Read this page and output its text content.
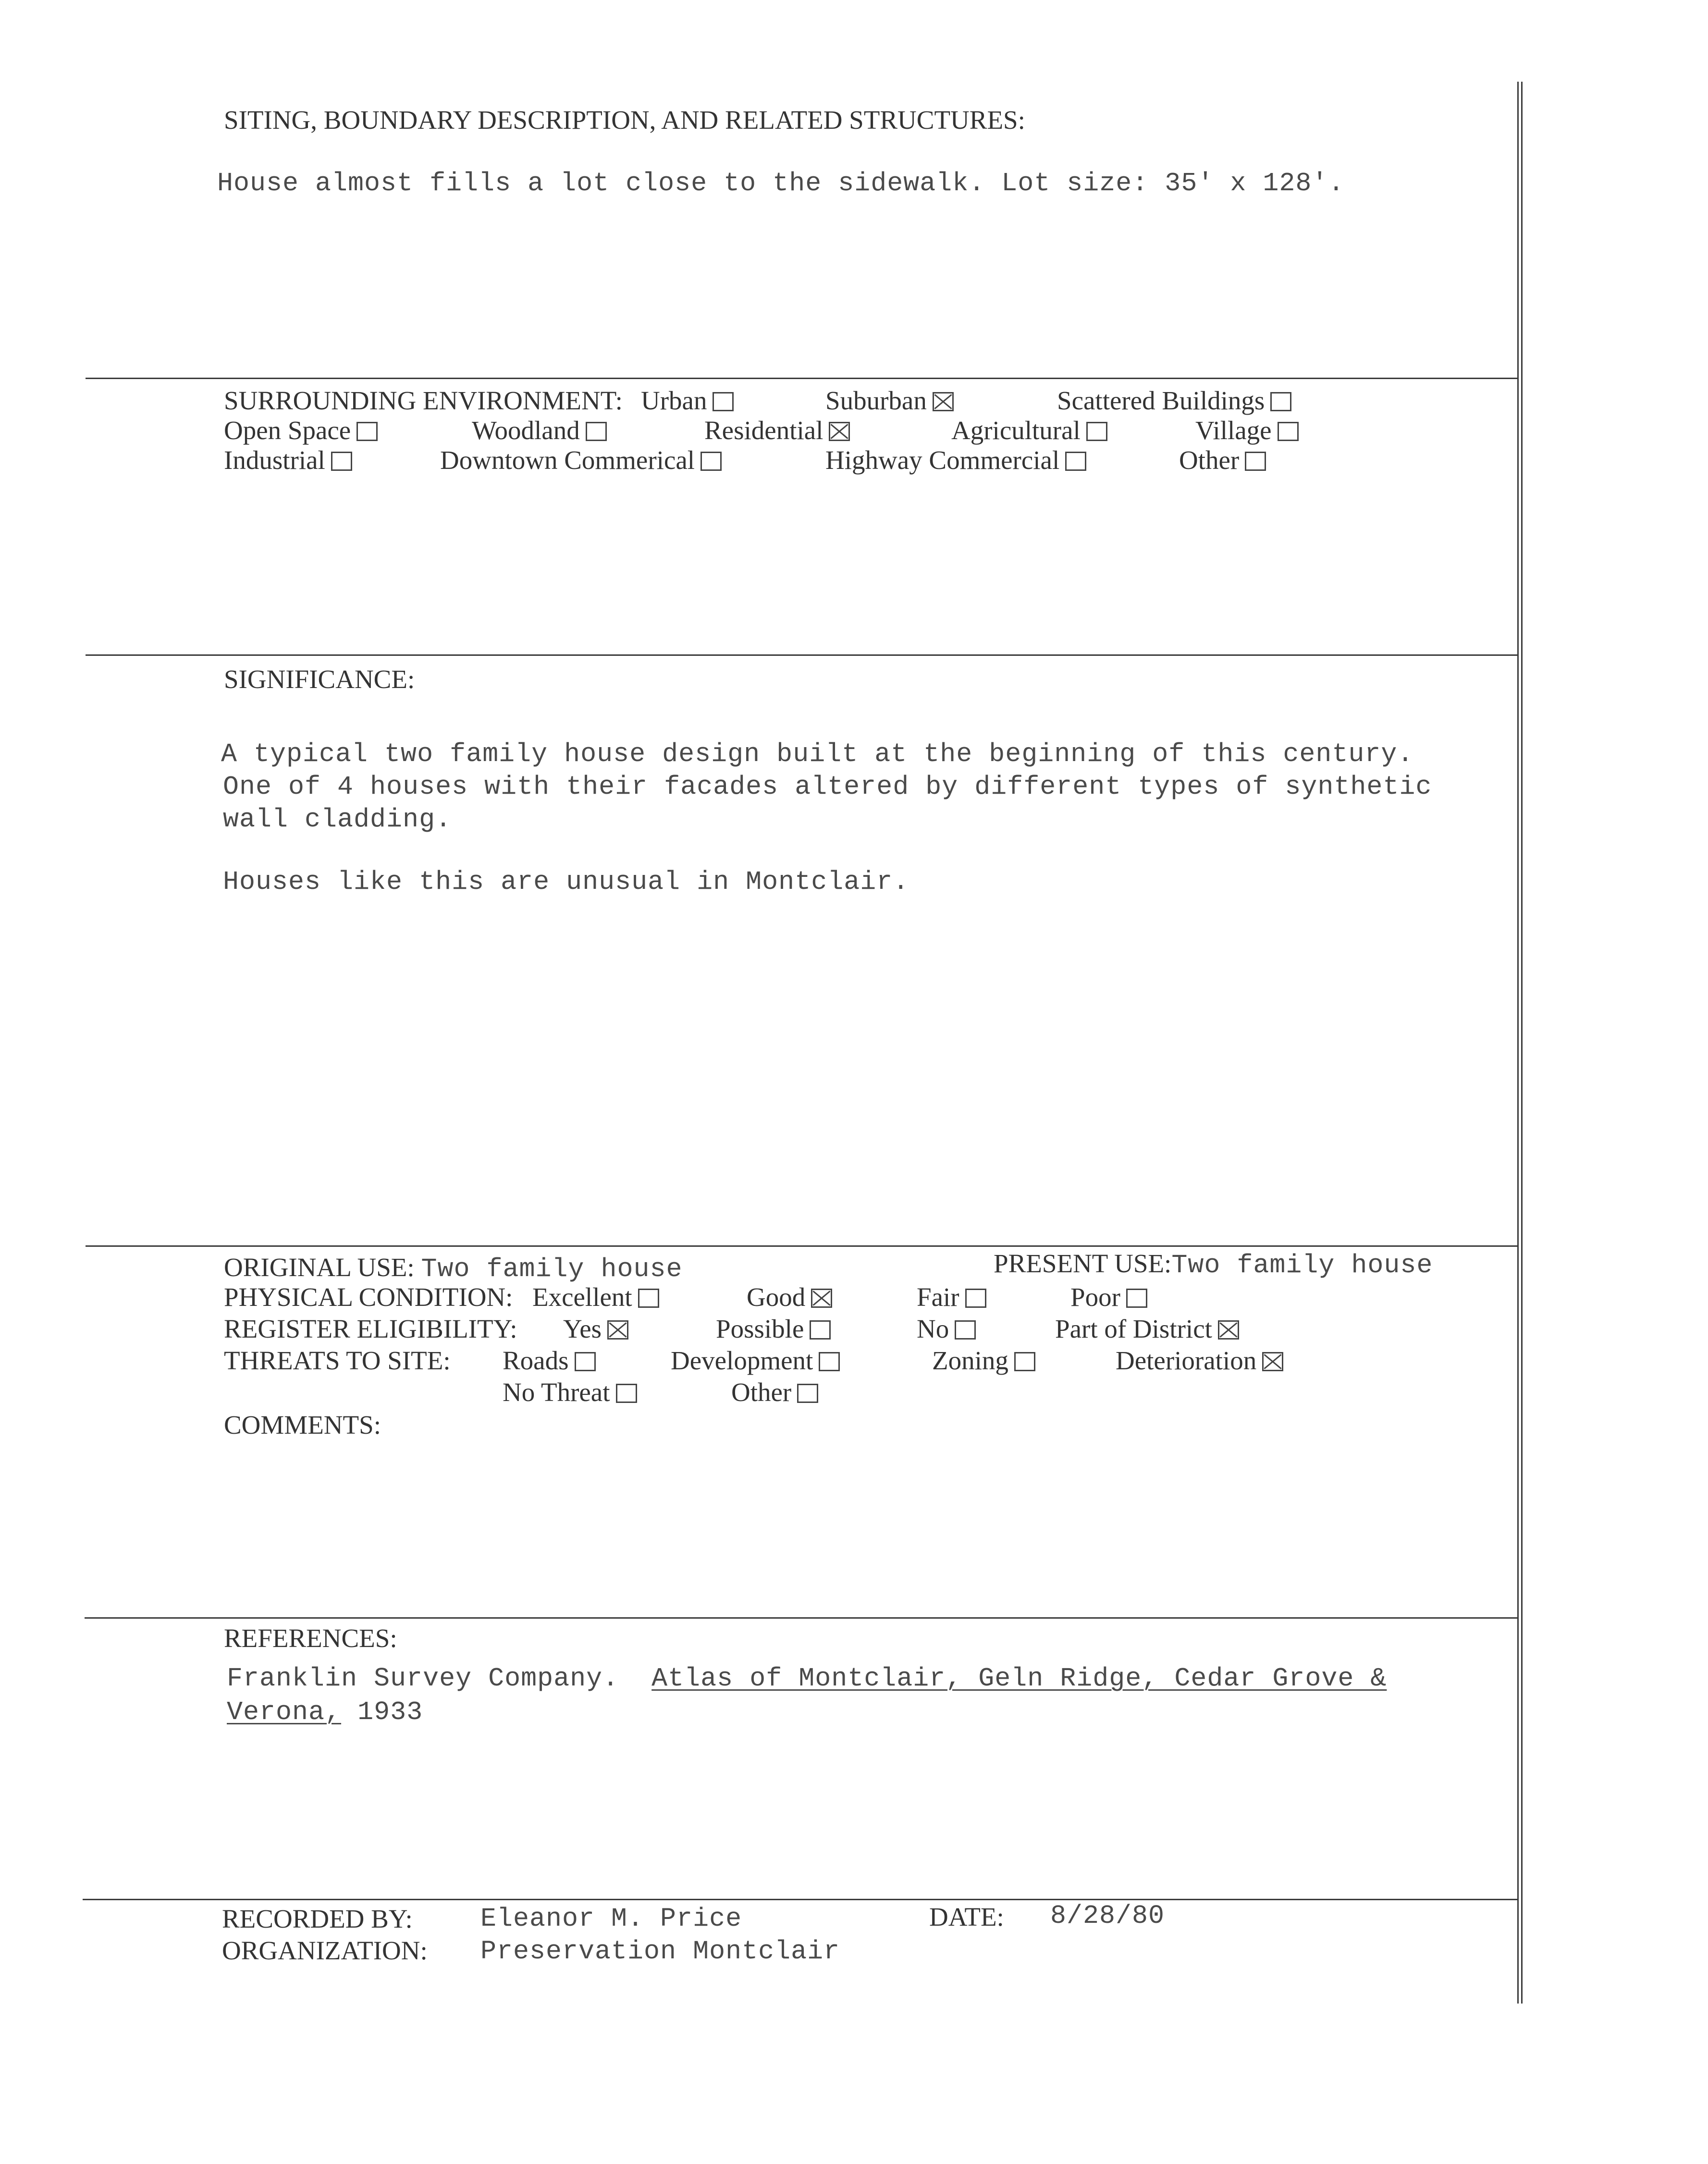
SITING, BOUNDARY DESCRIPTION, AND RELATED STRUCTURES:
House almost fills a lot close to the sidewalk. Lot size: 35' x 128'.
SURROUNDING ENVIRONMENT: Urban	Suburban	Scattered Buildings
Open Space	Woodland	Residential	Agricultural	Village
Industrial	Downtown Commerical	Highway Commercial	Other
SIGNIFICANCE:
A typical two family house design built at the beginning of this century.
One of 4 houses with their facades altered by different types of synthetic
wall cladding.
Houses like this are unusual in Montclair.
ORIGINAL USE: Two family house	PRESENT USE:Two family house
PHYSICAL CONDITION: Excellent	Good	Fair	Poor
REGISTER ELIGIBILITY: Yes	Possible	No	Part of District
THREATS TO SITE: Roads	Development	Zoning	Deterioration
No Threat	Other
COMMENTS:
REFERENCES:
Franklin Survey Company. Atlas of Montclair, Geln Ridge, Cedar Grove &
Verona, 1933
RECORDED BY:	Eleanor M. Price	DATE: 8/28/80
ORGANIZATION: Preservation Montclair
